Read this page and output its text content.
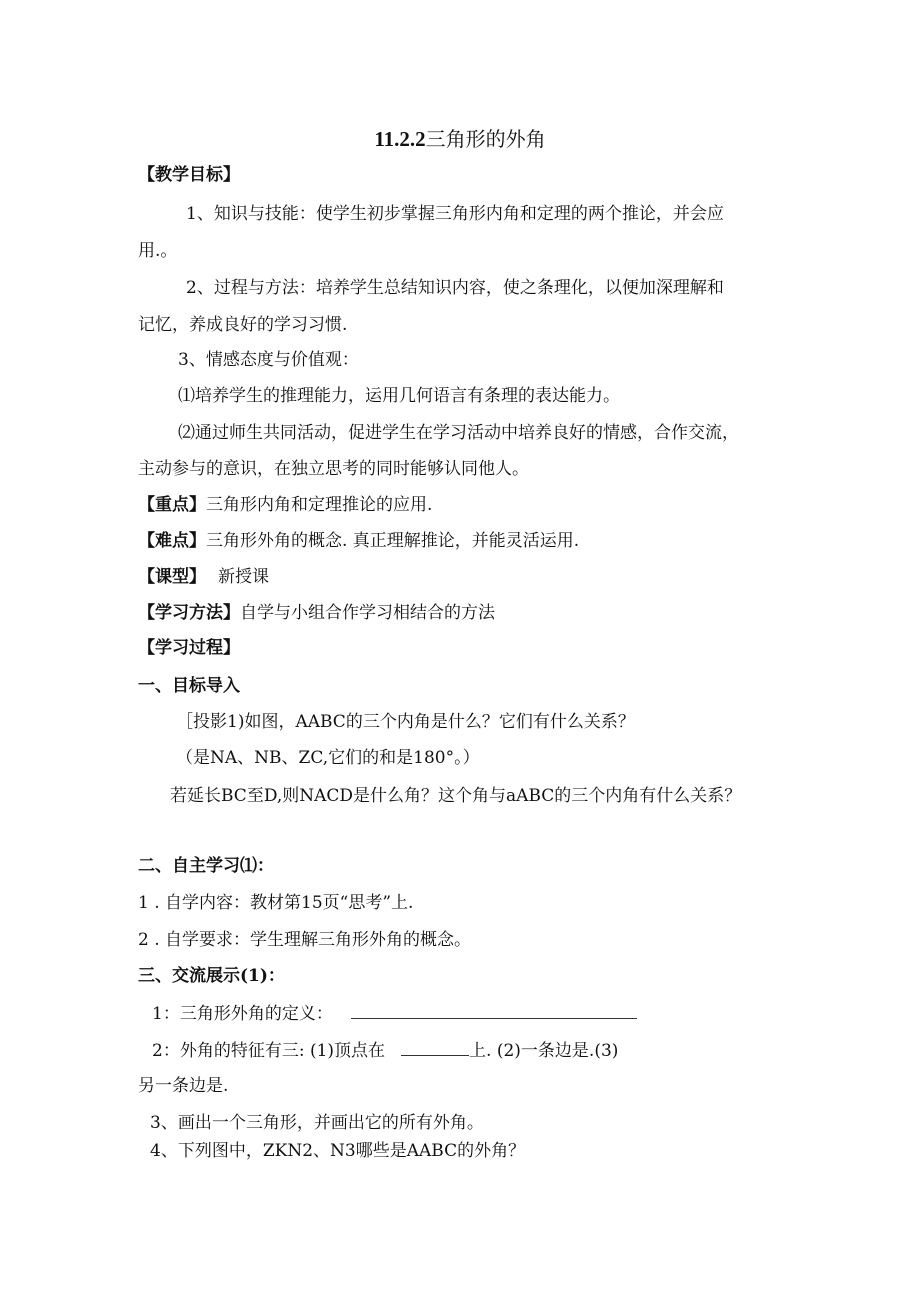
11.2.2三角形的外角
【教学目标】
1、知识与技能：使学生初步掌握三角形内角和定理的两个推论，并会应
用.。
2、过程与方法：培养学生总结知识内容，使之条理化，以便加深理解和
记忆，养成良好的学习习惯.
3、情感态度与价值观：
⑴培养学生的推理能力，运用几何语言有条理的表达能力。
⑵通过师生共同活动，促进学生在学习活动中培养良好的情感，合作交流，
主动参与的意识，在独立思考的同时能够认同他人。
【重点】三角形内角和定理推论的应用.
【难点】三角形外角的概念. 真正理解推论，并能灵活运用.
【课型】 新授课
【学习方法】自学与小组合作学习相结合的方法
【学习过程】
一、目标导入
［投影1)如图，AABC的三个内角是什么？它们有什么关系？
（是NA、NB、ZC,它们的和是180°。）
若延长BC至D,则NACD是什么角？这个角与aABC的三个内角有什么关系？
二、自主学习⑴：
1 . 自学内容：教材第15页“思考”上.
2 . 自学要求：学生理解三角形外角的概念。
三、交流展示(1)：
1：三角形外角的定义：
2：外角的特征有三: (1)顶点在	上. (2)一条边是.(3)
另一条边是.
3、画出一个三角形，并画出它的所有外角。
4、下列图中，ZKN2、N3哪些是AABC的外角？
